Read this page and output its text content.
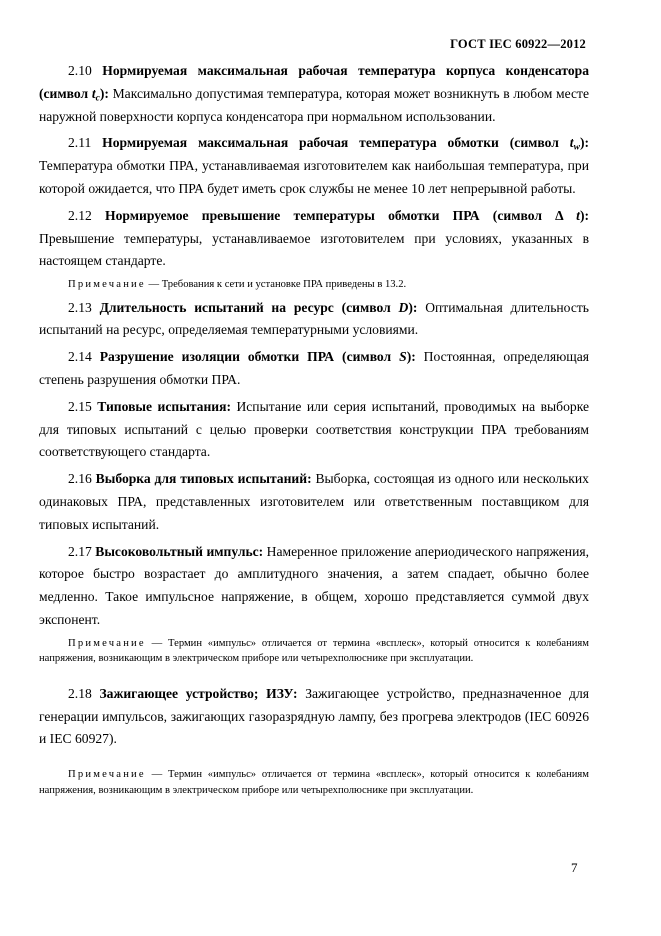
ГОСТ IEC 60922—2012

2.10 Нормируемая максимальная рабочая температура корпуса конденсатора (символ $t_c$): Максимально допустимая температура, которая может возникнуть в любом месте наружной поверхности корпуса конденсатора при нормальном использовании.

2.11 Нормируемая максимальная рабочая температура обмотки (символ $t_w$): Температура обмотки ПРА, устанавливаемая изготовителем как наибольшая температура, при которой ожидается, что ПРА будет иметь срок службы не менее 10 лет непрерывной работы.

2.12 Нормируемое превышение температуры обмотки ПРА (символ Δ t): Превышение температуры, устанавливаемое изготовителем при условиях, указанных в настоящем стандарте.

Примечание — Требования к сети и установке ПРА приведены в 13.2.

2.13 Длительность испытаний на ресурс (символ D): Оптимальная длительность испытаний на ресурс, определяемая температурными условиями.

2.14 Разрушение изоляции обмотки ПРА (символ S): Постоянная, определяющая степень разрушения обмотки ПРА.

2.15 Типовые испытания: Испытание или серия испытаний, проводимых на выборке для типовых испытаний с целью проверки соответствия конструкции ПРА требованиям соответствующего стандарта.

2.16 Выборка для типовых испытаний: Выборка, состоящая из одного или нескольких одинаковых ПРА, представленных изготовителем или ответственным поставщиком для типовых испытаний.

2.17 Высоковольтный импульс: Намеренное приложение апериодического напряжения, которое быстро возрастает до амплитудного значения, а затем спадает, обычно более медленно. Такое импульсное напряжение, в общем, хорошо представляется суммой двух экспонент.

Примечание — Термин «импульс» отличается от термина «всплеск», который относится к колебаниям напряжения, возникающим в электрическом приборе или четырехполюснике при эксплуатации.

2.18 Зажигающее устройство; ИЗУ: Зажигающее устройство, предназначенное для генерации импульсов, зажигающих газоразрядную лампу, без прогрева электродов (IEC 60926 и IEC 60927).

Примечание — Термин «импульс» отличается от термина «всплеск», который относится к колебаниям напряжения, возникающим в электрическом приборе или четырехполюснике при эксплуатации.

7
